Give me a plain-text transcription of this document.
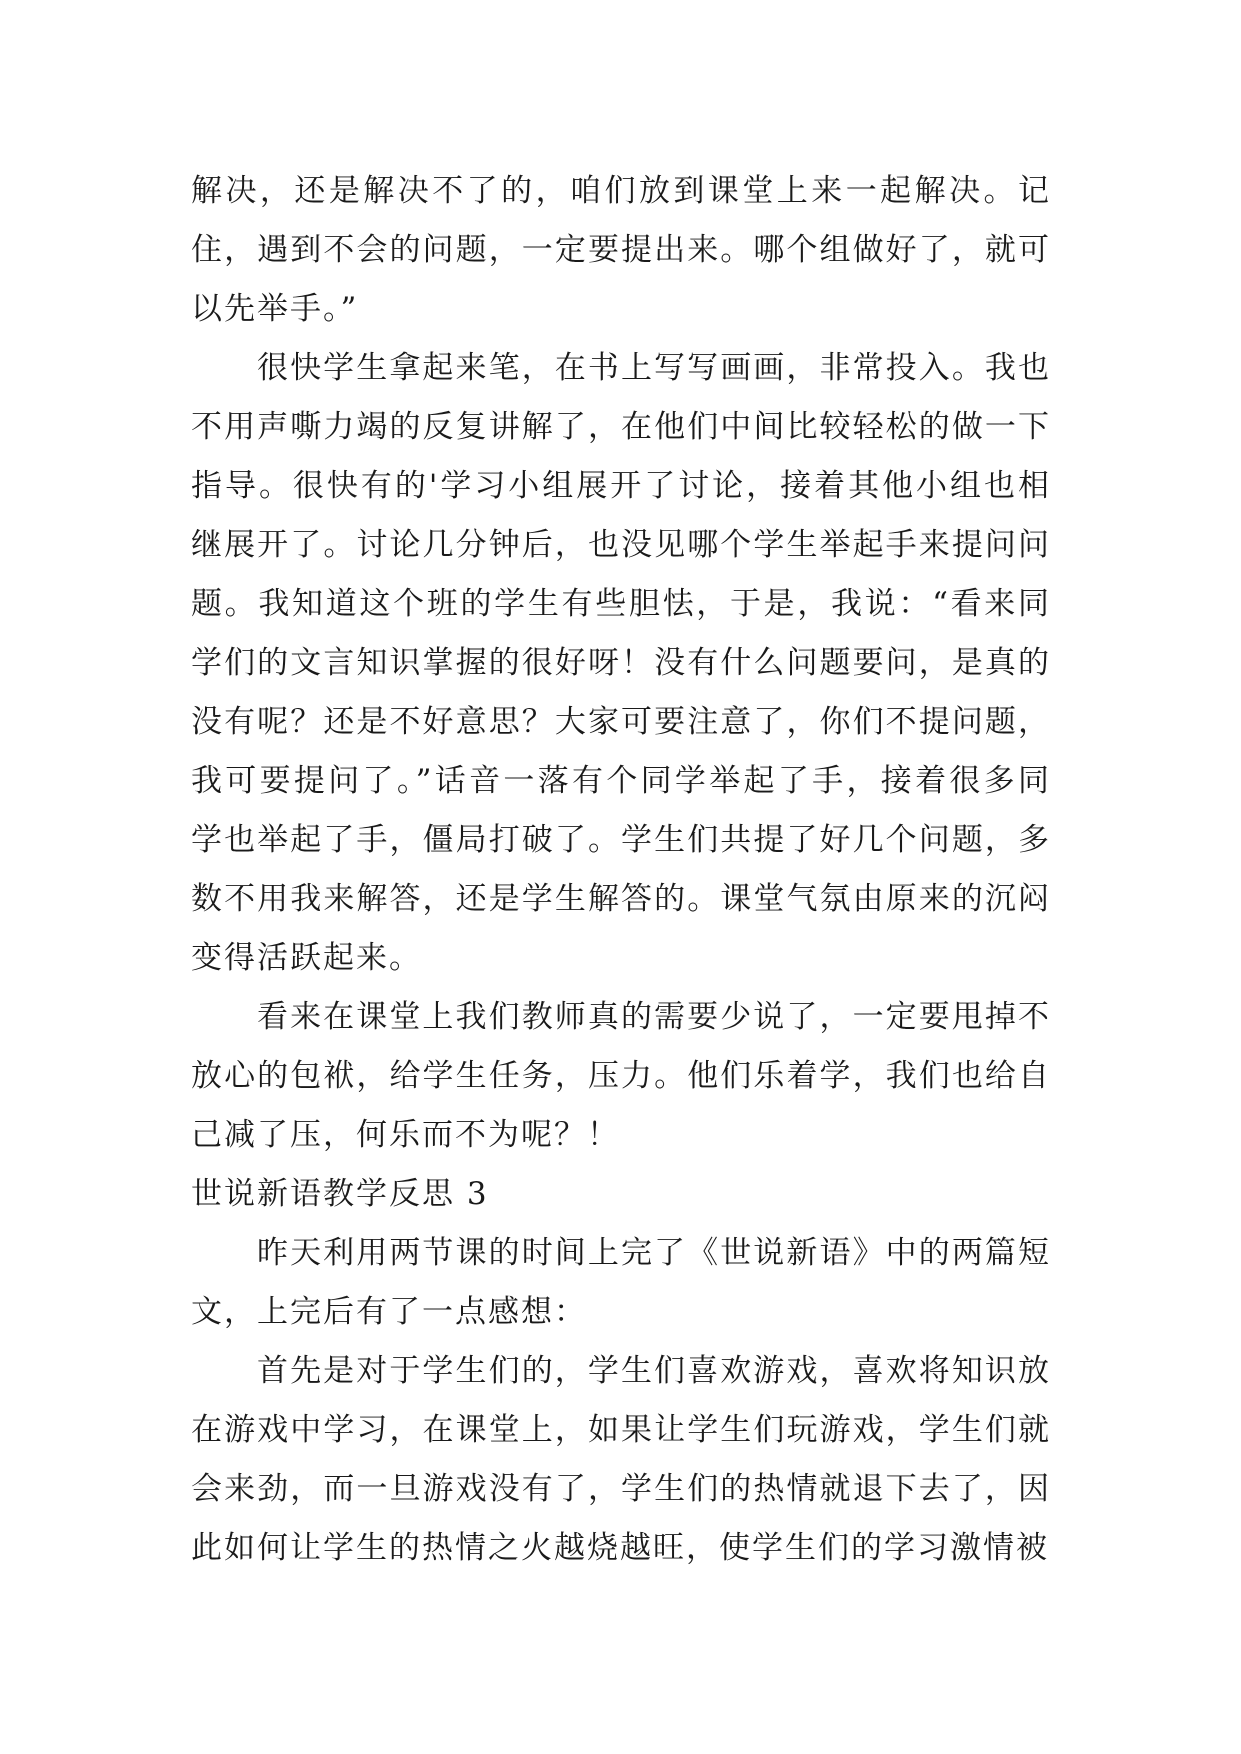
解决，还是解决不了的，咱们放到课堂上来一起解决。记住，遇到不会的问题，一定要提出来。哪个组做好了，就可以先举手。”

很快学生拿起来笔，在书上写写画画，非常投入。我也不用声嘶力竭的反复讲解了，在他们中间比较轻松的做一下指导。很快有的'学习小组展开了讨论，接着其他小组也相继展开了。讨论几分钟后，也没见哪个学生举起手来提问问题。我知道这个班的学生有些胆怯，于是，我说：“看来同学们的文言知识掌握的很好呀！没有什么问题要问，是真的没有呢？还是不好意思？大家可要注意了，你们不提问题，我可要提问了。”话音一落有个同学举起了手，接着很多同学也举起了手，僵局打破了。学生们共提了好几个问题，多数不用我来解答，还是学生解答的。课堂气氛由原来的沉闷变得活跃起来。

看来在课堂上我们教师真的需要少说了，一定要甩掉不放心的包袱，给学生任务，压力。他们乐着学，我们也给自己减了压，何乐而不为呢？！

世说新语教学反思 3

昨天利用两节课的时间上完了《世说新语》中的两篇短文，上完后有了一点感想：

首先是对于学生们的，学生们喜欢游戏，喜欢将知识放在游戏中学习，在课堂上，如果让学生们玩游戏，学生们就会来劲，而一旦游戏没有了，学生们的热情就退下去了，因此如何让学生的热情之火越烧越旺，使学生们的学习激情被
